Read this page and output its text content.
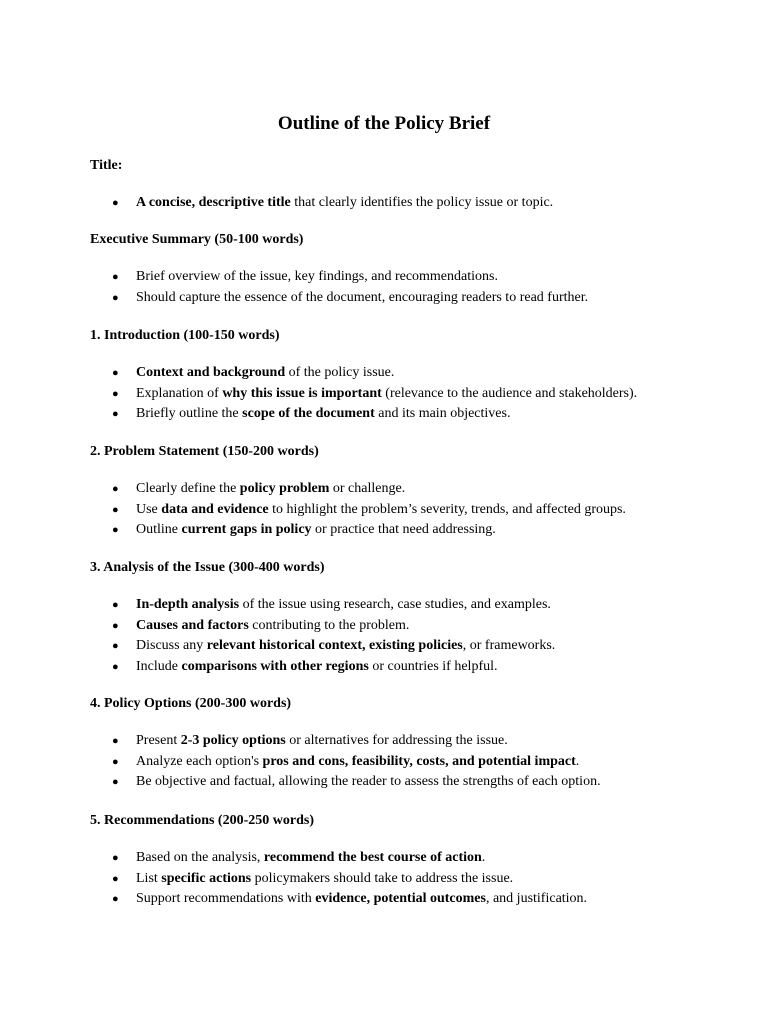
Outline of the Policy Brief
Title:
● A concise, descriptive title that clearly identifies the policy issue or topic.
Executive Summary (50-100 words)
● Brief overview of the issue, key findings, and recommendations.
● Should capture the essence of the document, encouraging readers to read further.
1. Introduction (100-150 words)
● Context and background of the policy issue.
● Explanation of why this issue is important (relevance to the audience and stakeholders).
● Briefly outline the scope of the document and its main objectives.
2. Problem Statement (150-200 words)
● Clearly define the policy problem or challenge.
● Use data and evidence to highlight the problem’s severity, trends, and affected groups.
● Outline current gaps in policy or practice that need addressing.
3. Analysis of the Issue (300-400 words)
● In-depth analysis of the issue using research, case studies, and examples.
● Causes and factors contributing to the problem.
● Discuss any relevant historical context, existing policies, or frameworks.
● Include comparisons with other regions or countries if helpful.
4. Policy Options (200-300 words)
● Present 2-3 policy options or alternatives for addressing the issue.
● Analyze each option's pros and cons, feasibility, costs, and potential impact.
● Be objective and factual, allowing the reader to assess the strengths of each option.
5. Recommendations (200-250 words)
● Based on the analysis, recommend the best course of action.
● List specific actions policymakers should take to address the issue.
● Support recommendations with evidence, potential outcomes, and justification.
